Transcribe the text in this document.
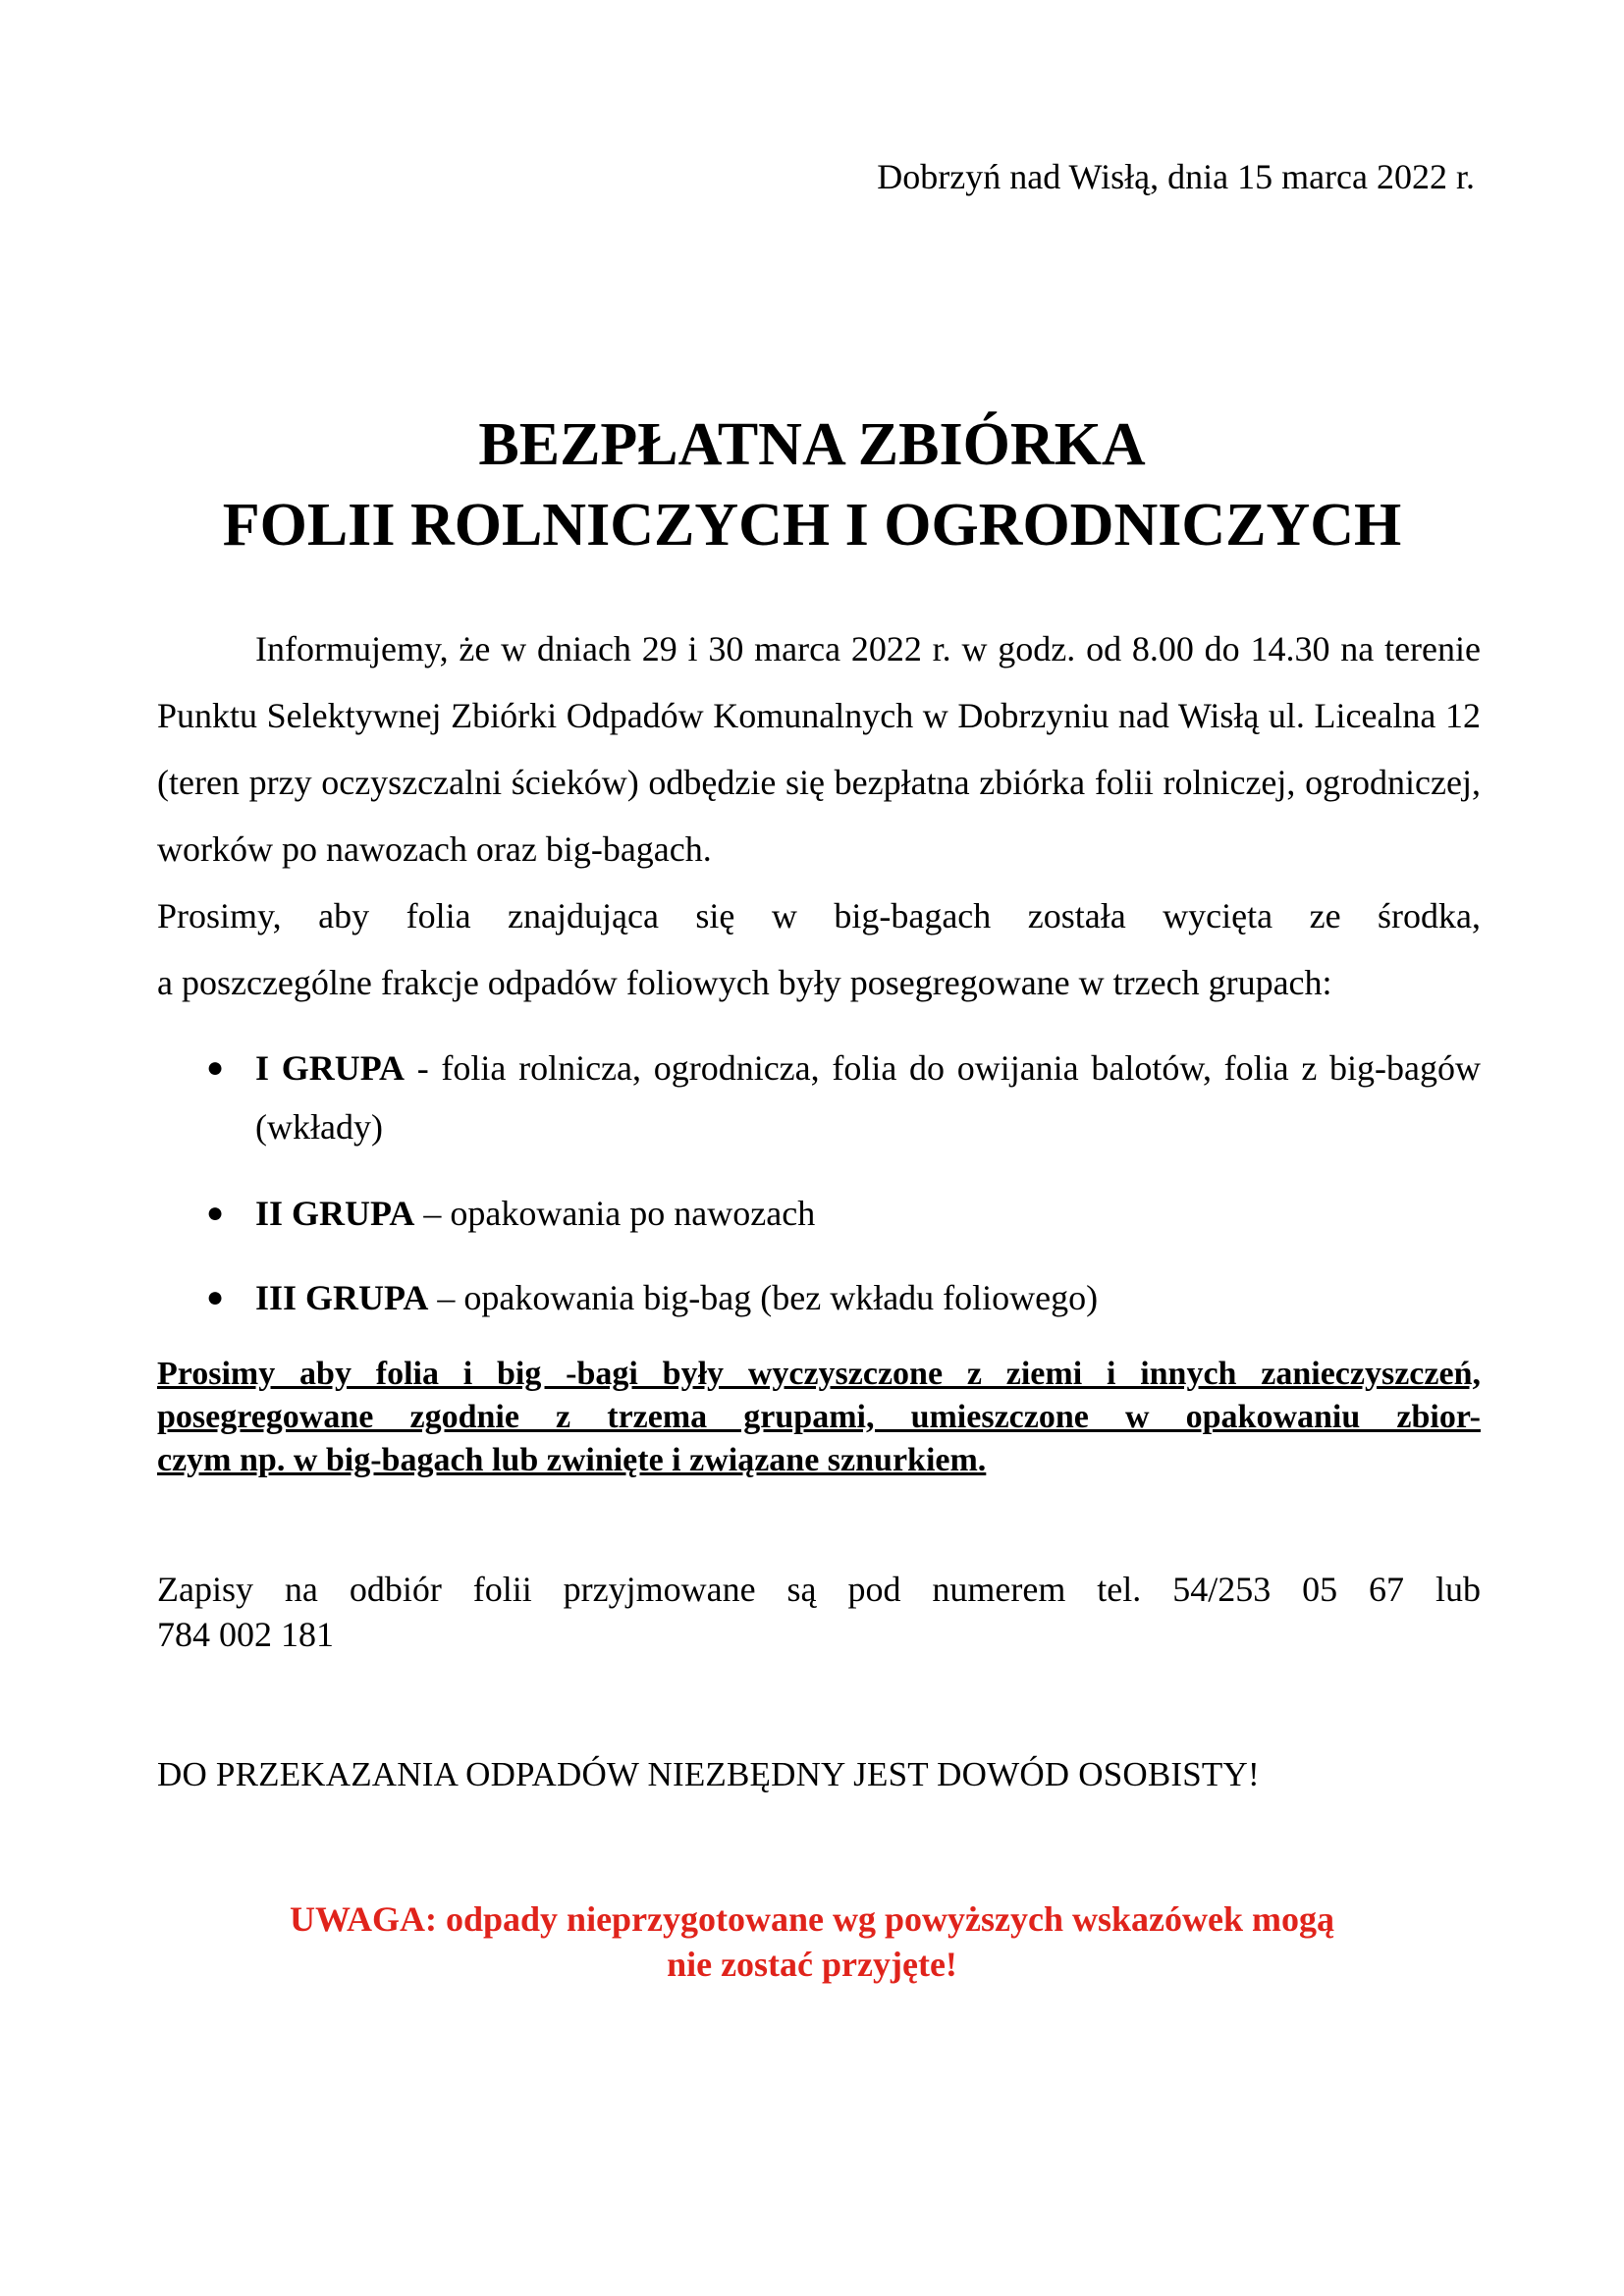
Dobrzyń nad Wisłą, dnia 15 marca 2022 r.
BEZPŁATNA ZBIÓRKA
FOLII ROLNICZYCH I OGRODNICZYCH

Informujemy, że w dniach 29 i 30 marca 2022 r. w godz. od 8.00 do 14.30 na terenie Punktu Selektywnej Zbiórki Odpadów Komunalnych w Dobrzyniu nad Wisłą ul. Licealna 12 (teren przy oczyszczalni ścieków) odbędzie się bezpłatna zbiórka folii rolniczej, ogrodniczej, worków po nawozach oraz big-bagach.

Prosimy, aby folia znajdująca się w big-bagach została wycięta ze środka,
a poszczególne frakcje odpadów foliowych były posegregowane w trzech grupach:

● I GRUPA - folia rolnicza, ogrodnicza, folia do owijania balotów, folia z big-bagów (wkłady)
● II GRUPA – opakowania po nawozach
● III GRUPA – opakowania big-bag (bez wkładu foliowego)

Prosimy aby folia i big -bagi były wyczyszczone z ziemi i innych zanieczyszczeń,
posegregowane zgodnie z trzema grupami, umieszczone w opakowaniu zbior-
czym np. w big-bagach lub zwinięte i związane sznurkiem.

Zapisy na odbiór folii przyjmowane są pod numerem tel. 54/253 05 67 lub
784 002 181

DO PRZEKAZANIA ODPADÓW NIEZBĘDNY JEST DOWÓD OSOBISTY!
UWAGA: odpady nieprzygotowane wg powyższych wskazówek mogą
nie zostać przyjęte!
